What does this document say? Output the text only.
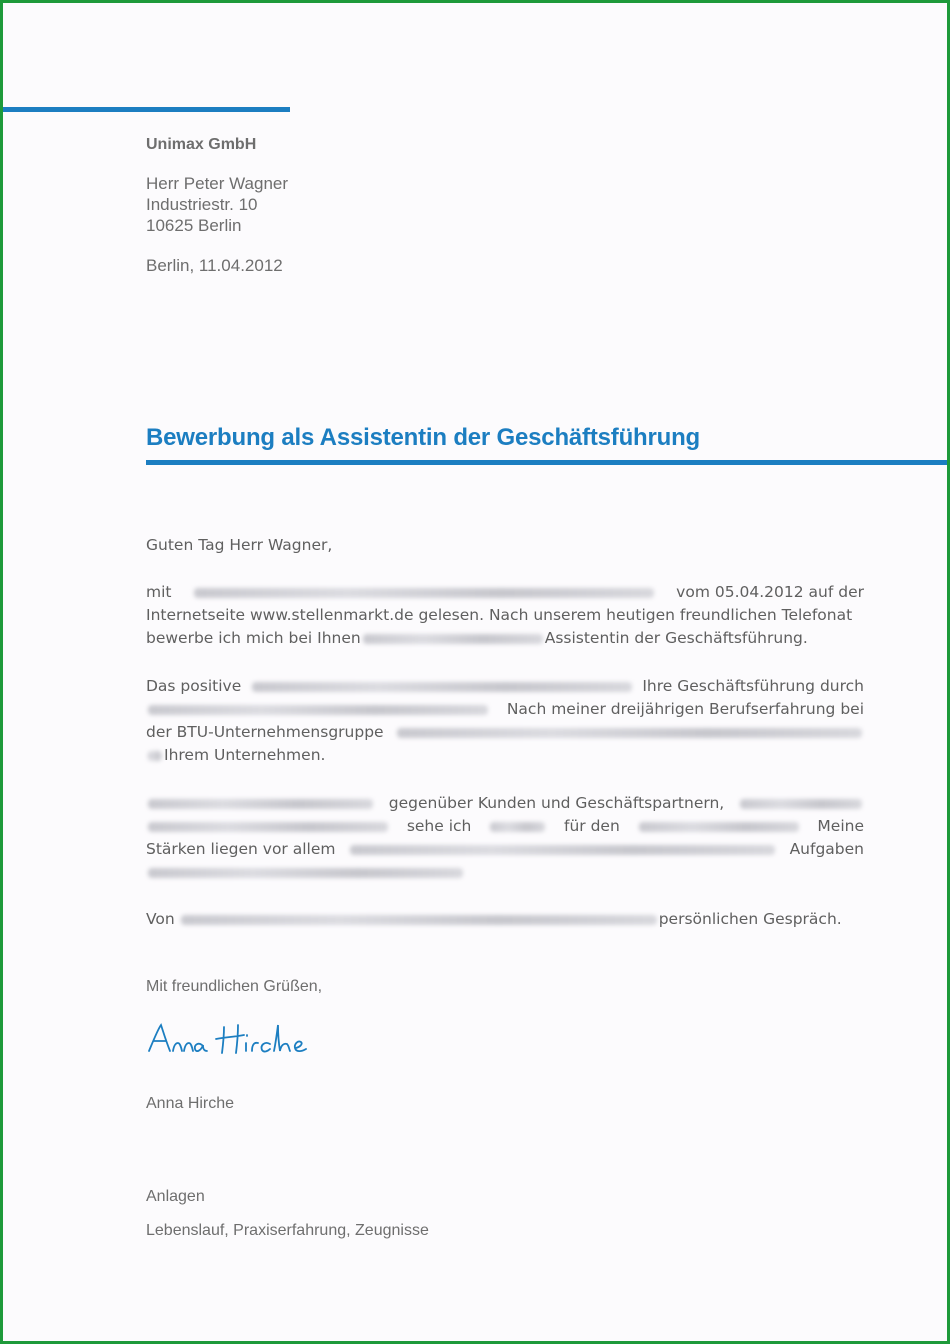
Unimax GmbH
Herr Peter Wagner
Industriestr. 10
10625 Berlin
Berlin, 11.04.2012
Bewerbung als Assistentin der Geschäftsführung
Guten Tag Herr Wagner,
mit	vom 05.04.2012 auf der
Internetseite www.stellenmarkt.de gelesen. Nach unserem heutigen freundlichen Telefonat
bewerbe ich mich bei Ihnen	Assistentin der Geschäftsführung.
Das positive	Ihre Geschäftsführung durch
Nach meiner dreijährigen Berufserfahrung bei
der BTU-Unternehmensgruppe
Ihrem Unternehmen.
gegenüber Kunden und Geschäftspartnern,
sehe ich	für den	Meine
Stärken liegen vor allem	Aufgaben
Von	persönlichen Gespräch.
Mit freundlichen Grüßen,
Anna Hirche
Anlagen
Lebenslauf, Praxiserfahrung, Zeugnisse
